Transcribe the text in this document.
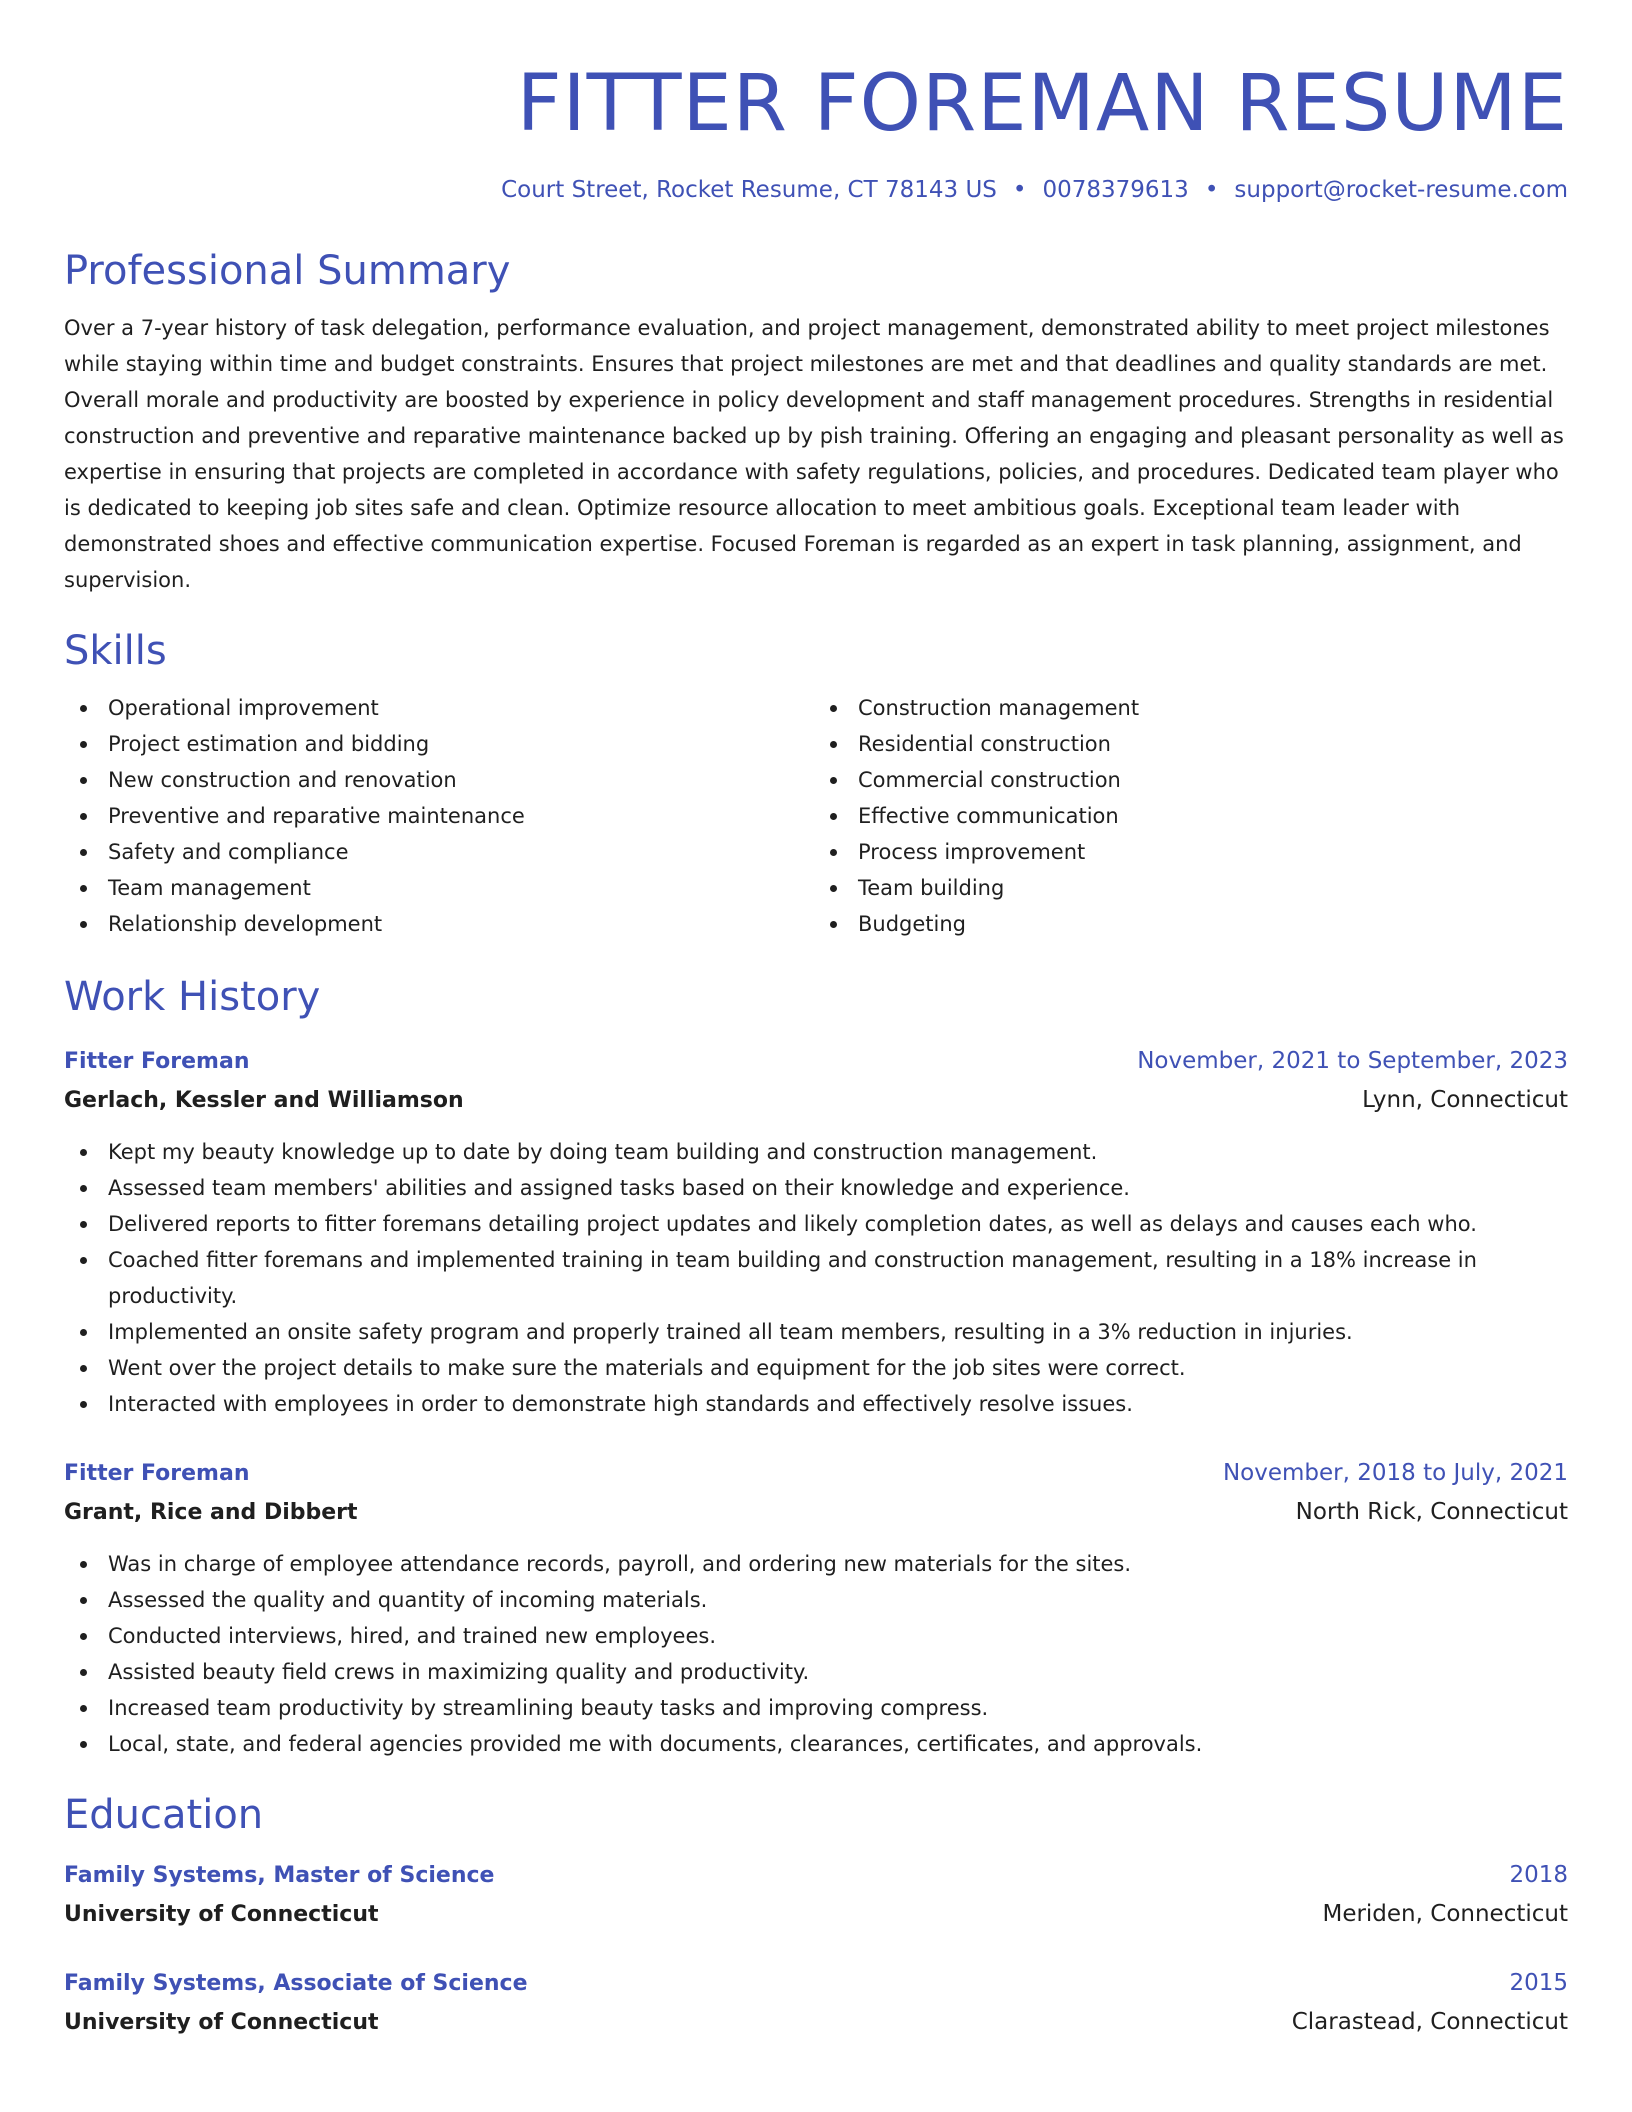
FITTER FOREMAN RESUME
Court Street, Rocket Resume, CT 78143 US • 0078379613 • support@rocket-resume.com
Professional Summary

Over a 7-year history of task delegation, performance evaluation, and project management, demonstrated ability to meet project milestones while staying within time and budget constraints. Ensures that project milestones are met and that deadlines and quality standards are met. Overall morale and productivity are boosted by experience in policy development and staff management procedures. Strengths in residential construction and preventive and reparative maintenance backed up by pish training. Offering an engaging and pleasant personality as well as expertise in ensuring that projects are completed in accordance with safety regulations, policies, and procedures. Dedicated team player who is dedicated to keeping job sites safe and clean. Optimize resource allocation to meet ambitious goals. Exceptional team leader with demonstrated shoes and effective communication expertise. Focused Foreman is regarded as an expert in task planning, assignment, and supervision.

Skills
Operational improvement
Project estimation and bidding
New construction and renovation
Preventive and reparative maintenance
Safety and compliance
Team management
Relationship development
Construction management
Residential construction
Commercial construction
Effective communication
Process improvement
Team building
Budgeting
Work History
Fitter Foreman	November, 2021 to September, 2023
Gerlach, Kessler and Williamson	Lynn, Connecticut
Kept my beauty knowledge up to date by doing team building and construction management.
Assessed team members' abilities and assigned tasks based on their knowledge and experience.
Delivered reports to fitter foremans detailing project updates and likely completion dates, as well as delays and causes each who.
Coached fitter foremans and implemented training in team building and construction management, resulting in a 18% increase in productivity.
Implemented an onsite safety program and properly trained all team members, resulting in a 3% reduction in injuries.
Went over the project details to make sure the materials and equipment for the job sites were correct.
Interacted with employees in order to demonstrate high standards and effectively resolve issues.
Fitter Foreman	November, 2018 to July, 2021
Grant, Rice and Dibbert	North Rick, Connecticut
Was in charge of employee attendance records, payroll, and ordering new materials for the sites.
Assessed the quality and quantity of incoming materials.
Conducted interviews, hired, and trained new employees.
Assisted beauty field crews in maximizing quality and productivity.
Increased team productivity by streamlining beauty tasks and improving compress.
Local, state, and federal agencies provided me with documents, clearances, certificates, and approvals.
Education
Family Systems, Master of Science	2018
University of Connecticut	Meriden, Connecticut
Family Systems, Associate of Science	2015
University of Connecticut	Clarastead, Connecticut
